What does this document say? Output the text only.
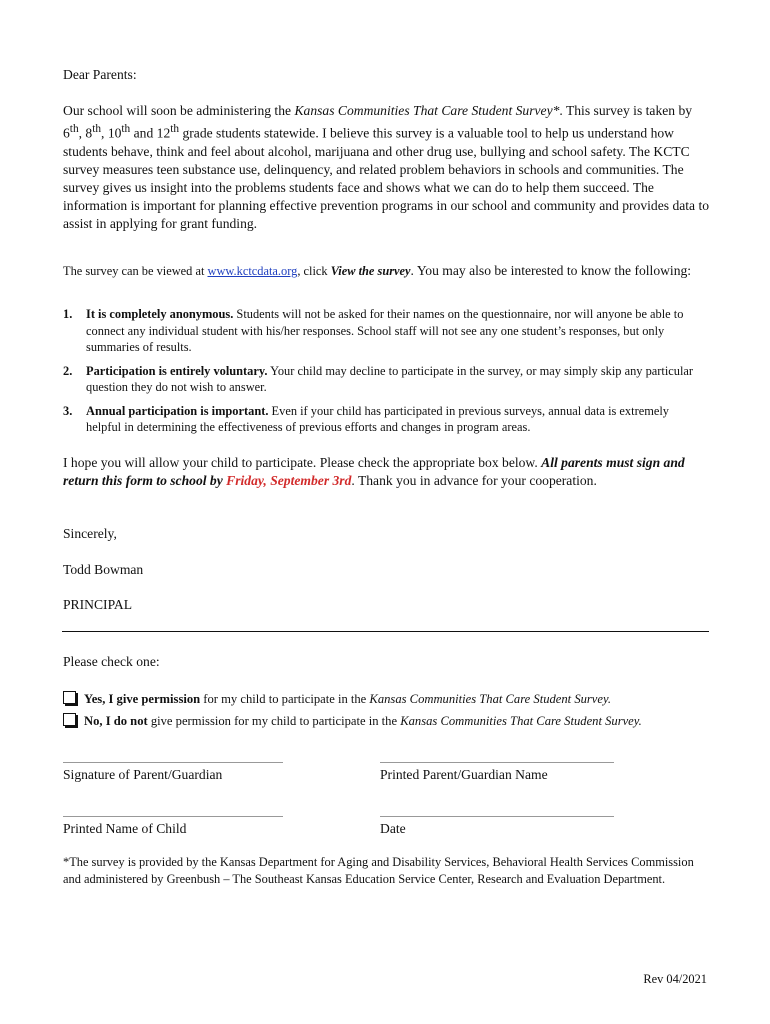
Dear Parents:

Our school will soon be administering the Kansas Communities That Care Student Survey*. This survey is taken by 6th, 8th, 10th and 12th grade students statewide. I believe this survey is a valuable tool to help us understand how students behave, think and feel about alcohol, marijuana and other drug use, bullying and school safety. The KCTC survey measures teen substance use, delinquency, and related problem behaviors in schools and communities. The survey gives us insight into the problems students face and shows what we can do to help them succeed. The information is important for planning effective prevention programs in our school and community and provides data to assist in applying for grant funding.

The survey can be viewed at www.kctcdata.org, click View the survey. You may also be interested to know the following:

1. It is completely anonymous. Students will not be asked for their names on the questionnaire, nor will anyone be able to connect any individual student with his/her responses. School staff will not see any one student’s responses, but only summaries of results.
2. Participation is entirely voluntary. Your child may decline to participate in the survey, or may simply skip any particular question they do not wish to answer.
3. Annual participation is important. Even if your child has participated in previous surveys, annual data is extremely helpful in determining the effectiveness of previous efforts and changes in program areas.

I hope you will allow your child to participate. Please check the appropriate box below. All parents must sign and return this form to school by Friday, September 3rd. Thank you in advance for your cooperation.

Sincerely,

Todd Bowman

PRINCIPAL

Please check one:

Yes, I give permission for my child to participate in the Kansas Communities That Care Student Survey.
No, I do not give permission for my child to participate in the Kansas Communities That Care Student Survey.
Signature of Parent/Guardian	Printed Parent/Guardian Name
Printed Name of Child	Date

*The survey is provided by the Kansas Department for Aging and Disability Services, Behavioral Health Services Commission and administered by Greenbush – The Southeast Kansas Education Service Center, Research and Evaluation Department.

Rev 04/2021
